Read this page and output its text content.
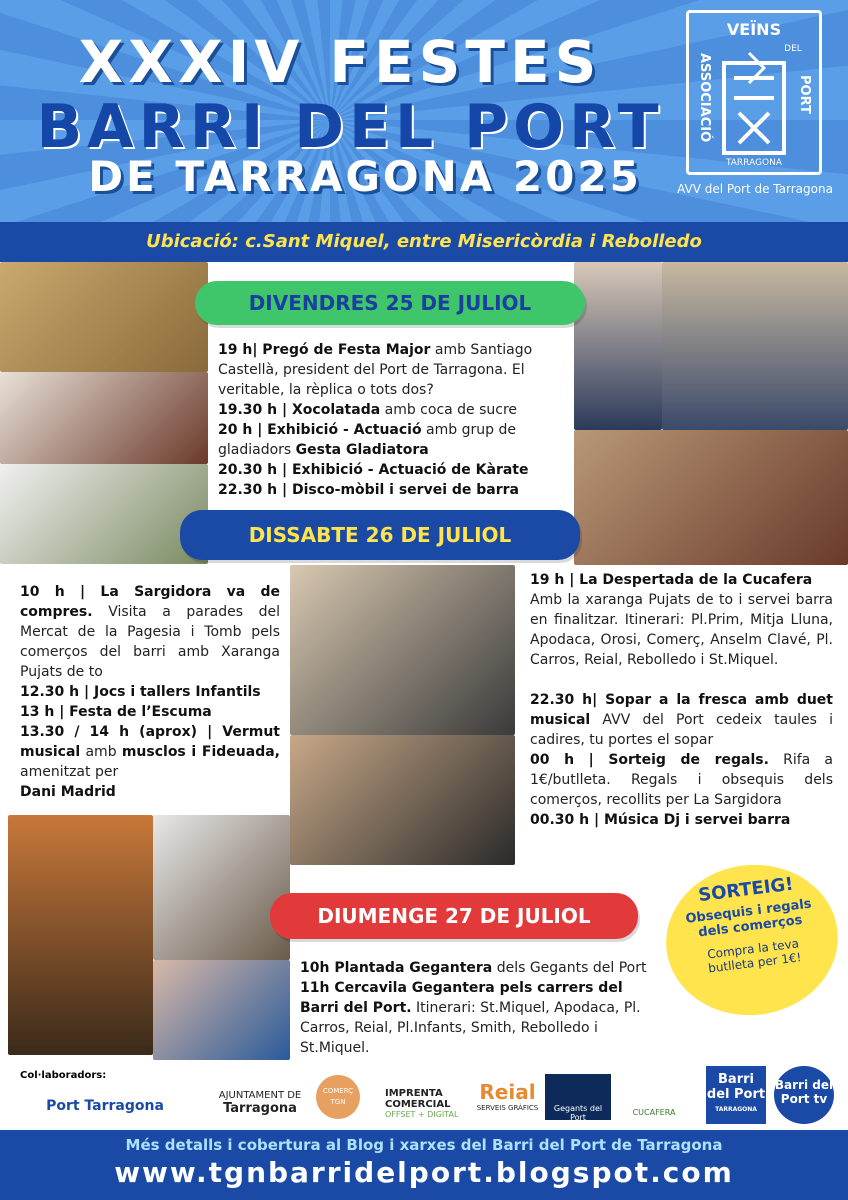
XXXIV FESTES
BARRI DEL PORT
DE TARRAGONA 2025
VEÏNS
DEL
ASSOCIACIÓ	PORT
TARRAGONA
AVV del Port de Tarragona
Ubicació: c.Sant Miquel, entre Misericòrdia i Rebolledo
DIVENDRES 25 DE JULIOL

19 h| Pregó de Festa Major amb Santiago Castellà, president del Port de Tarragona. El veritable, la rèplica o tots dos?

19.30 h | Xocolatada amb coca de sucre

20 h | Exhibició - Actuació amb grup de gladiadors Gesta Gladiatora

20.30 h | Exhibició - Actuació de Kàrate

22.30 h | Disco-mòbil i servei de barra

DISSABTE 26 DE JULIOL

10 h | La Sargidora va de compres. Visita a parades del Mercat de la Pagesia i Tomb pels comerços del barri amb Xaranga Pujats de to

12.30 h | Jocs i tallers Infantils

13 h | Festa de l’Escuma

13.30 / 14 h (aprox) | Vermut musical amb musclos i Fideuada, amenitzat per

Dani Madrid

19 h | La Despertada de la Cucafera

Amb la xaranga Pujats de to i servei barra en finalitzar. Itinerari: Pl.Prim, Mitja Lluna, Apodaca, Orosi, Comerç, Anselm Clavé, Pl. Carros, Reial, Rebolledo i St.Miquel.

22.30 h| Sopar a la fresca amb duet musical AVV del Port cedeix taules i cadires, tu portes el sopar

00 h | Sorteig de regals. Rifa a 1€/butlleta. Regals i obsequis dels comerços, recollits per La Sargidora

00.30 h | Música Dj i servei barra

DIUMENGE 27 DE JULIOL

10h Plantada Gegantera dels Gegants del Port

11h Cercavila Gegantera pels carrers del Barri del Port. Itinerari: St.Miquel, Apodaca, Pl. Carros, Reial, Pl.Infants, Smith, Rebolledo i St.Miquel.

SORTEIG!
Obsequis i regals dels comerços
Compra la teva butlleta per 1€!
Col·laboradors:
Port Tarragona
AJUNTAMENT DE
Tarragona
COMERÇ TGN
IMPRENTA COMERCIAL
OFFSET + DIGITAL
Reial
SERVEIS GRÀFICS	Gegants del Port
CUCAFERA
Barri del Port
TARRAGONA
Barri del Port tv
Més detalls i cobertura al Blog i xarxes del Barri del Port de Tarragona
www.tgnbarridelport.blogspot.com
